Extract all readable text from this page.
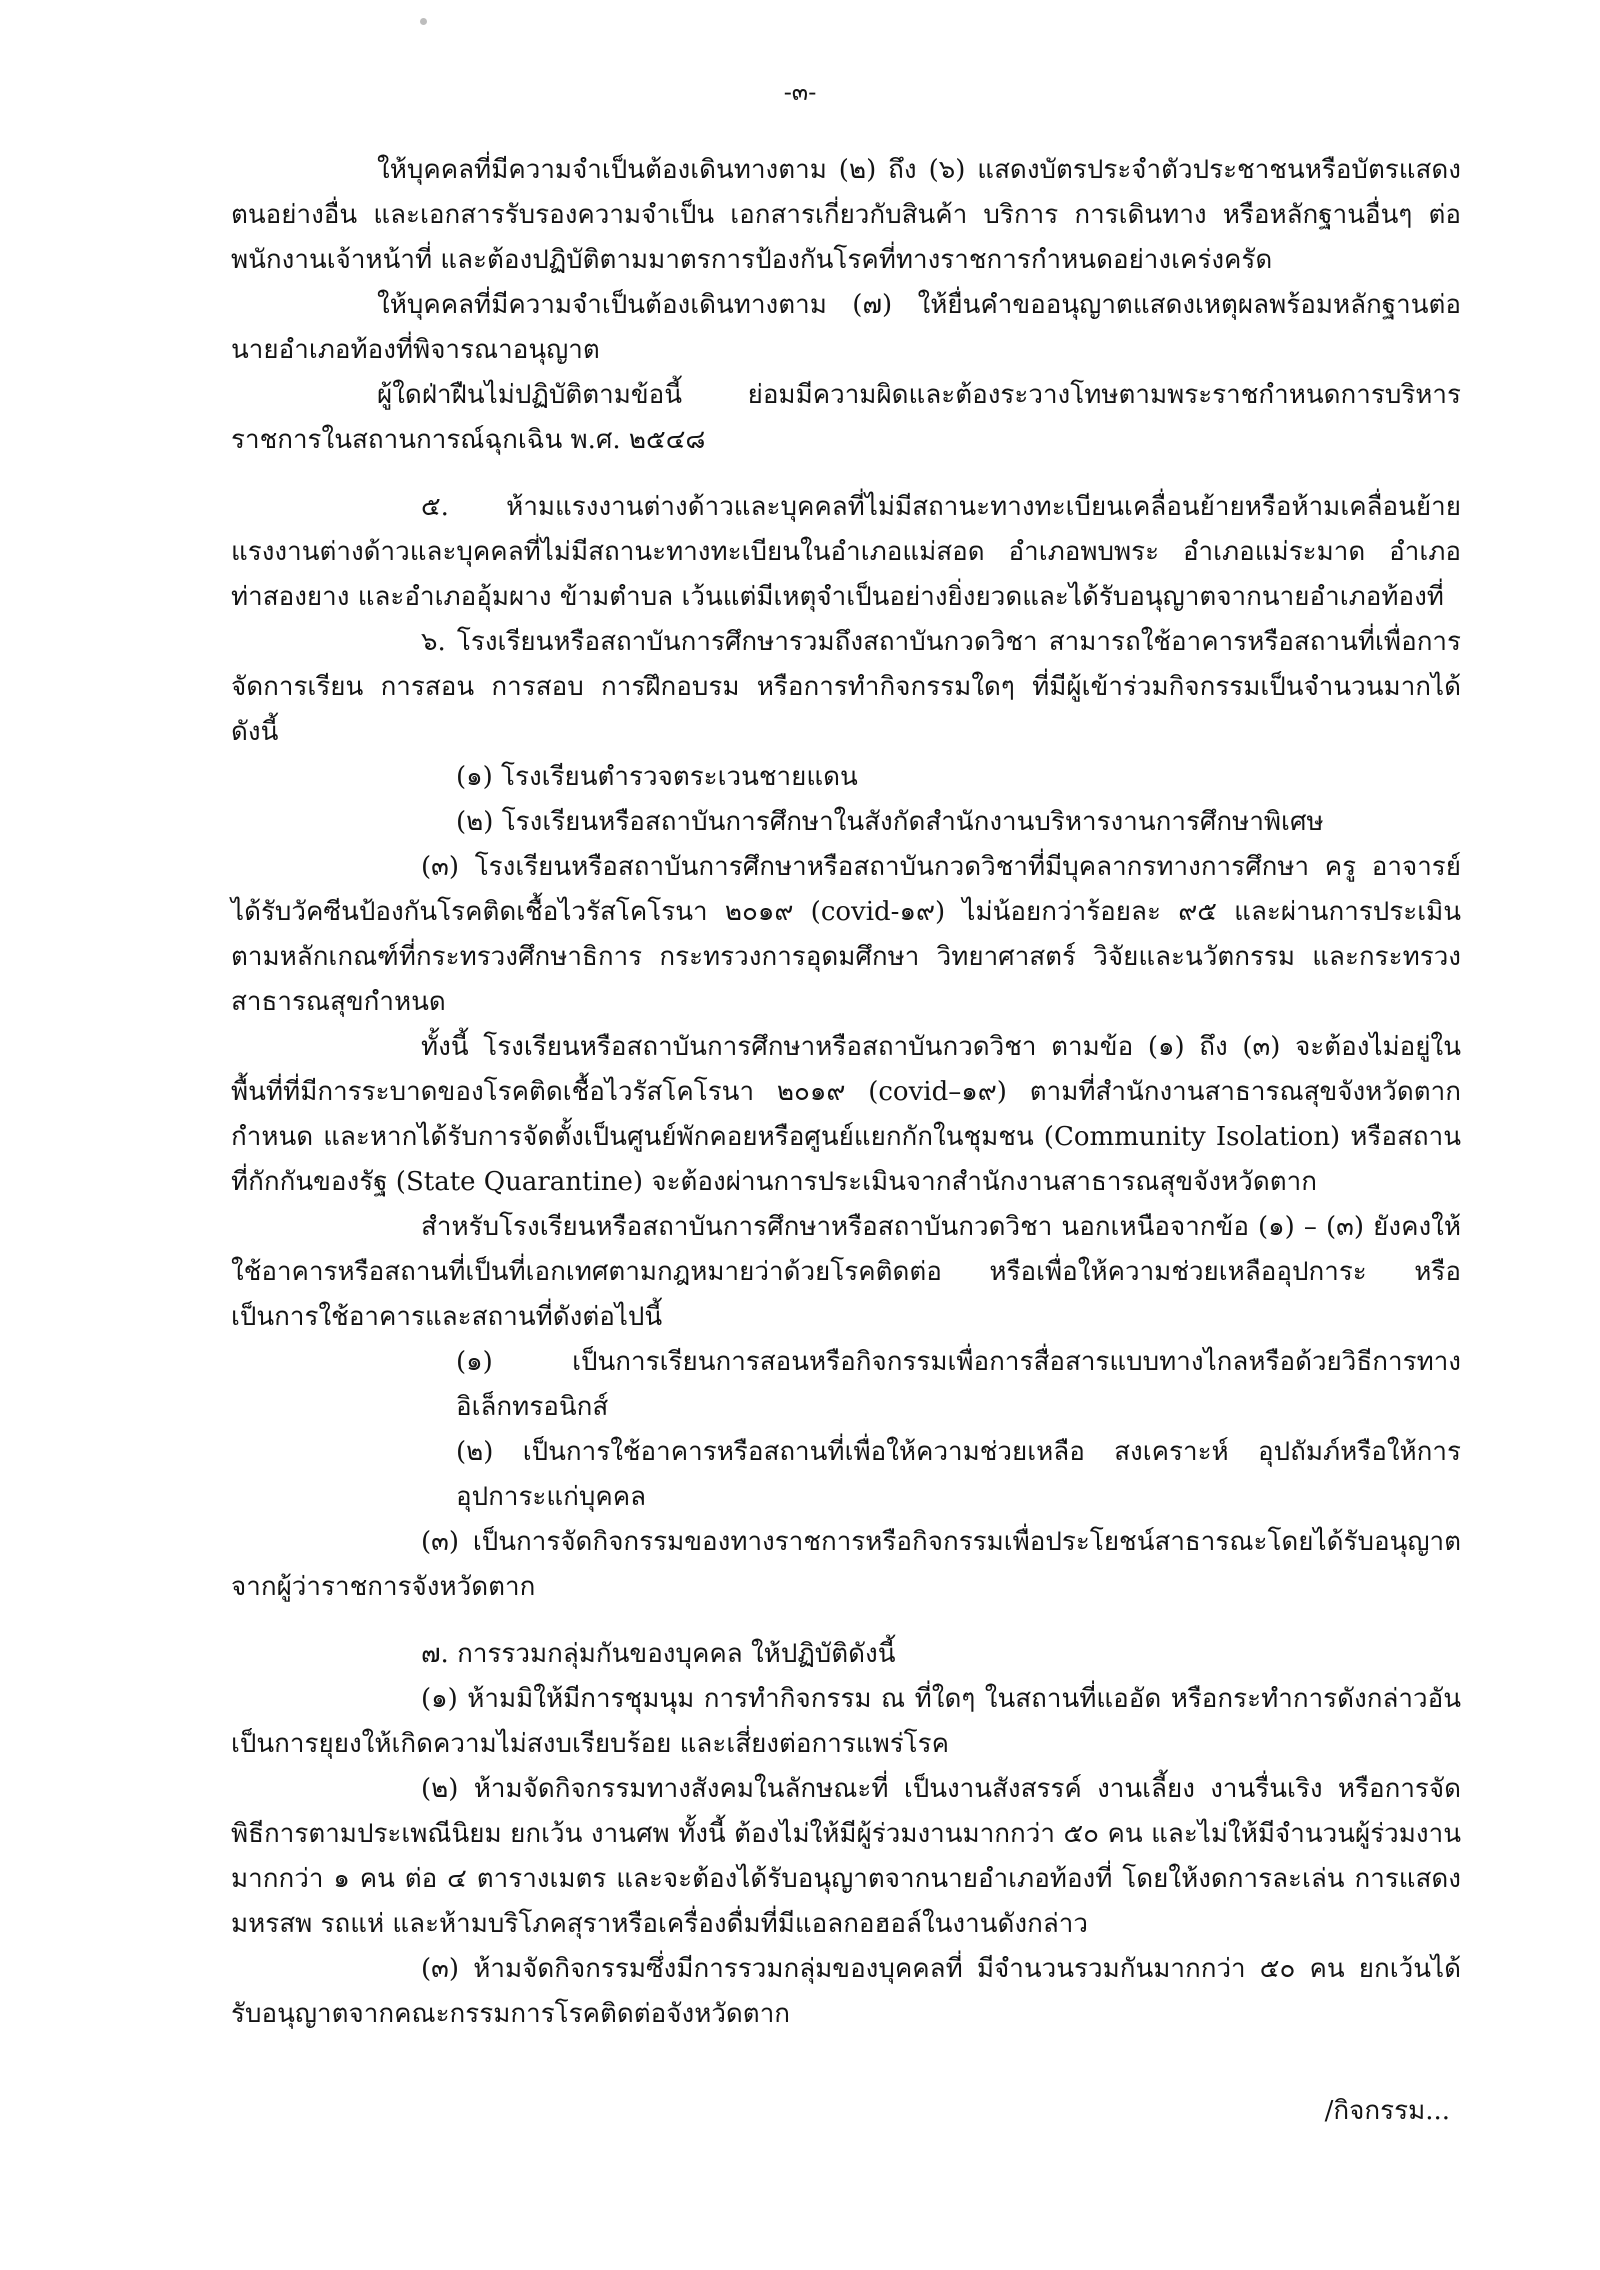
-๓-

ให้บุคคลที่มีความจำเป็นต้องเดินทางตาม (๒) ถึง (๖) แสดงบัตรประจำตัวประชาชนหรือบัตรแสดงตนอย่างอื่น และเอกสารรับรองความจำเป็น เอกสารเกี่ยวกับสินค้า บริการ การเดินทาง หรือหลักฐานอื่นๆ ต่อพนักงานเจ้าหน้าที่ และต้องปฏิบัติตามมาตรการป้องกันโรคที่ทางราชการกำหนดอย่างเคร่งครัด

ให้บุคคลที่มีความจำเป็นต้องเดินทางตาม (๗) ให้ยื่นคำขออนุญาตแสดงเหตุผลพร้อมหลักฐานต่อนายอำเภอท้องที่พิจารณาอนุญาต

ผู้ใดฝ่าฝืนไม่ปฏิบัติตามข้อนี้ ย่อมมีความผิดและต้องระวางโทษตามพระราชกำหนดการบริหารราชการในสถานการณ์ฉุกเฉิน พ.ศ. ๒๕๔๘

๕. ห้ามแรงงานต่างด้าวและบุคคลที่ไม่มีสถานะทางทะเบียนเคลื่อนย้ายหรือห้ามเคลื่อนย้ายแรงงานต่างด้าวและบุคคลที่ไม่มีสถานะทางทะเบียนในอำเภอแม่สอด อำเภอพบพระ อำเภอแม่ระมาด อำเภอท่าสองยาง และอำเภออุ้มผาง ข้ามตำบล เว้นแต่มีเหตุจำเป็นอย่างยิ่งยวดและได้รับอนุญาตจากนายอำเภอท้องที่

๖. โรงเรียนหรือสถาบันการศึกษารวมถึงสถาบันกวดวิชา สามารถใช้อาคารหรือสถานที่เพื่อการจัดการเรียน การสอน การสอบ การฝึกอบรม หรือการทำกิจกรรมใดๆ ที่มีผู้เข้าร่วมกิจกรรมเป็นจำนวนมากได้ ดังนี้

(๑) โรงเรียนตำรวจตระเวนชายแดน

(๒) โรงเรียนหรือสถาบันการศึกษาในสังกัดสำนักงานบริหารงานการศึกษาพิเศษ

(๓) โรงเรียนหรือสถาบันการศึกษาหรือสถาบันกวดวิชาที่มีบุคลากรทางการศึกษา ครู อาจารย์ได้รับวัคซีนป้องกันโรคติดเชื้อไวรัสโคโรนา ๒๐๑๙ (covid-๑๙) ไม่น้อยกว่าร้อยละ ๙๕ และผ่านการประเมินตามหลักเกณฑ์ที่กระทรวงศึกษาธิการ กระทรวงการอุดมศึกษา วิทยาศาสตร์ วิจัยและนวัตกรรม และกระทรวงสาธารณสุขกำหนด

ทั้งนี้ โรงเรียนหรือสถาบันการศึกษาหรือสถาบันกวดวิชา ตามข้อ (๑) ถึง (๓) จะต้องไม่อยู่ในพื้นที่ที่มีการระบาดของโรคติดเชื้อไวรัสโคโรนา ๒๐๑๙ (covid–๑๙) ตามที่สำนักงานสาธารณสุขจังหวัดตากกำหนด และหากได้รับการจัดตั้งเป็นศูนย์พักคอยหรือศูนย์แยกกักในชุมชน (Community Isolation) หรือสถานที่กักกันของรัฐ (State Quarantine) จะต้องผ่านการประเมินจากสำนักงานสาธารณสุขจังหวัดตาก

สำหรับโรงเรียนหรือสถาบันการศึกษาหรือสถาบันกวดวิชา นอกเหนือจากข้อ (๑) – (๓) ยังคงให้ใช้อาคารหรือสถานที่เป็นที่เอกเทศตามกฎหมายว่าด้วยโรคติดต่อ หรือเพื่อให้ความช่วยเหลืออุปการะ หรือเป็นการใช้อาคารและสถานที่ดังต่อไปนี้

(๑) เป็นการเรียนการสอนหรือกิจกรรมเพื่อการสื่อสารแบบทางไกลหรือด้วยวิธีการทางอิเล็กทรอนิกส์

(๒) เป็นการใช้อาคารหรือสถานที่เพื่อให้ความช่วยเหลือ สงเคราะห์ อุปถัมภ์หรือให้การอุปการะแก่บุคคล

(๓) เป็นการจัดกิจกรรมของทางราชการหรือกิจกรรมเพื่อประโยชน์สาธารณะโดยได้รับอนุญาตจากผู้ว่าราชการจังหวัดตาก

๗. การรวมกลุ่มกันของบุคคล ให้ปฏิบัติดังนี้

(๑) ห้ามมิให้มีการชุมนุม การทำกิจกรรม ณ ที่ใดๆ ในสถานที่แออัด หรือกระทำการดังกล่าวอันเป็นการยุยงให้เกิดความไม่สงบเรียบร้อย และเสี่ยงต่อการแพร่โรค

(๒) ห้ามจัดกิจกรรมทางสังคมในลักษณะที่ เป็นงานสังสรรค์ งานเลี้ยง งานรื่นเริง หรือการจัดพิธีการตามประเพณีนิยม ยกเว้น งานศพ ทั้งนี้ ต้องไม่ให้มีผู้ร่วมงานมากกว่า ๕๐ คน และไม่ให้มีจำนวนผู้ร่วมงานมากกว่า ๑ คน ต่อ ๔ ตารางเมตร และจะต้องได้รับอนุญาตจากนายอำเภอท้องที่ โดยให้งดการละเล่น การแสดงมหรสพ รถแห่ และห้ามบริโภคสุราหรือเครื่องดื่มที่มีแอลกอฮอล์ในงานดังกล่าว

(๓) ห้ามจัดกิจกรรมซึ่งมีการรวมกลุ่มของบุคคลที่ มีจำนวนรวมกันมากกว่า ๕๐ คน ยกเว้นได้รับอนุญาตจากคณะกรรมการโรคติดต่อจังหวัดตาก

/กิจกรรม...
